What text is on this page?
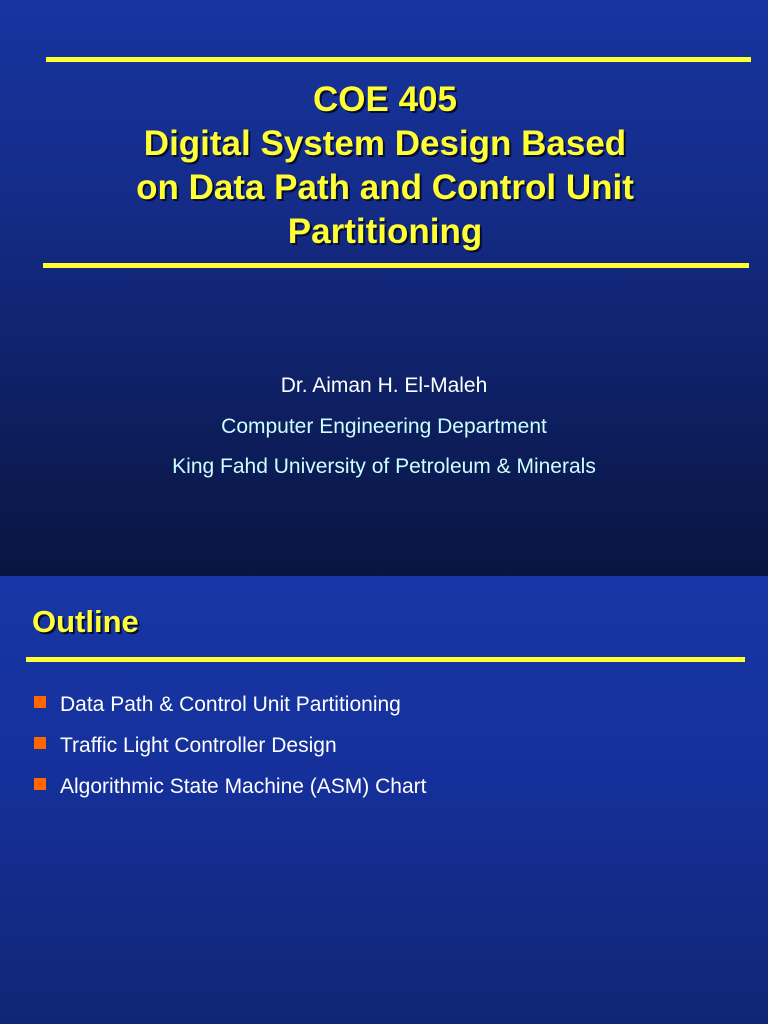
COE 405
Digital System Design Based
on Data Path and Control Unit
Partitioning
Dr. Aiman H. El-Maleh
Computer Engineering Department
King Fahd University of Petroleum & Minerals
Outline
Data Path & Control Unit Partitioning
Traffic Light Controller Design
Algorithmic State Machine (ASM) Chart
